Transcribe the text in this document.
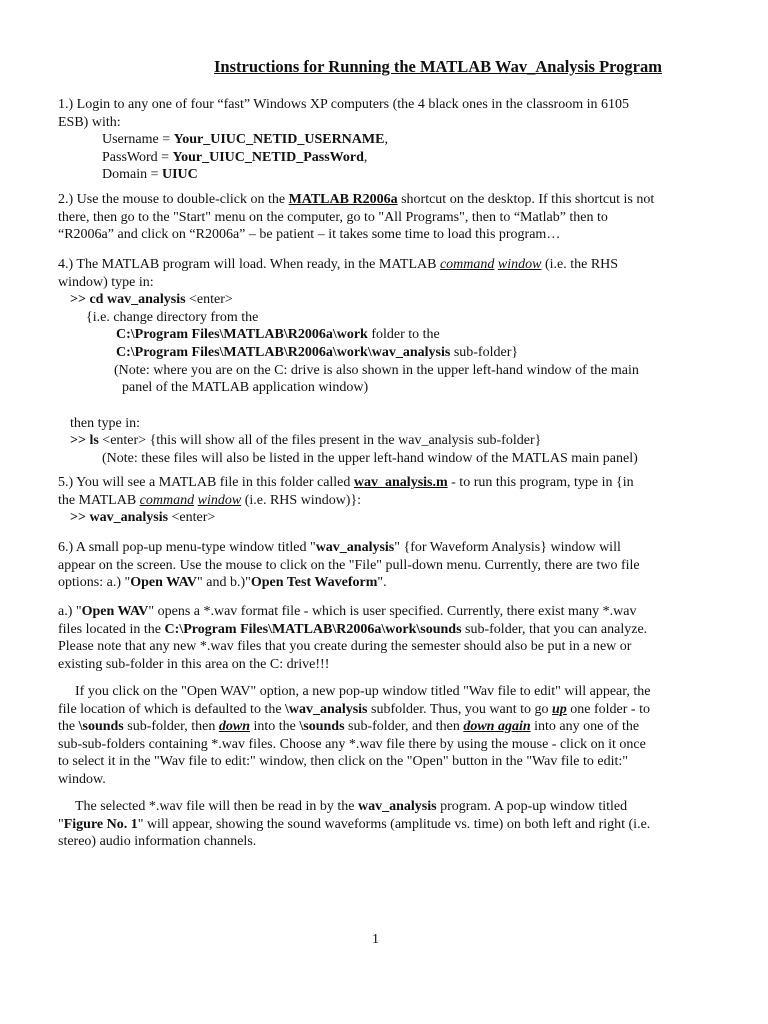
Instructions for Running the MATLAB Wav_Analysis Program
1.) Login to any one of four “fast” Windows XP computers (the 4 black ones in the classroom in 6105
ESB) with:
Username = Your_UIUC_NETID_USERNAME,
PassWord = Your_UIUC_NETID_PassWord,
Domain = UIUC
2.) Use the mouse to double-click on the MATLAB R2006a shortcut on the desktop. If this shortcut is not
there, then go to the "Start" menu on the computer, go to "All Programs", then to “Matlab” then to
“R2006a” and click on “R2006a” – be patient – it takes some time to load this program…
4.) The MATLAB program will load. When ready, in the MATLAB command window (i.e. the RHS
window) type in:
>> cd wav_analysis <enter>
{i.e. change directory from the
C:\Program Files\MATLAB\R2006a\work folder to the
C:\Program Files\MATLAB\R2006a\work\wav_analysis sub-folder}
(Note: where you are on the C: drive is also shown in the upper left-hand window of the main
panel of the MATLAB application window)
then type in:
>> ls <enter> {this will show all of the files present in the wav_analysis sub-folder}
(Note: these files will also be listed in the upper left-hand window of the MATLAS main panel)
5.) You will see a MATLAB file in this folder called wav_analysis.m - to run this program, type in {in
the MATLAB command window (i.e. RHS window)}:
>> wav_analysis <enter>
6.) A small pop-up menu-type window titled "wav_analysis" {for Waveform Analysis} window will
appear on the screen. Use the mouse to click on the "File" pull-down menu. Currently, there are two file
options: a.) "Open WAV" and b.)"Open Test Waveform".
a.) "Open WAV" opens a *.wav format file - which is user specified. Currently, there exist many *.wav
files located in the C:\Program Files\MATLAB\R2006a\work\sounds sub-folder, that you can analyze.
Please note that any new *.wav files that you create during the semester should also be put in a new or
existing sub-folder in this area on the C: drive!!!
If you click on the "Open WAV" option, a new pop-up window titled "Wav file to edit" will appear, the
file location of which is defaulted to the \wav_analysis subfolder. Thus, you want to go up one folder - to
the \sounds sub-folder, then down into the \sounds sub-folder, and then down again into any one of the
sub-sub-folders containing *.wav files. Choose any *.wav file there by using the mouse - click on it once
to select it in the "Wav file to edit:" window, then click on the "Open" button in the "Wav file to edit:"
window.
The selected *.wav file will then be read in by the wav_analysis program. A pop-up window titled
"Figure No. 1" will appear, showing the sound waveforms (amplitude vs. time) on both left and right (i.e.
stereo) audio information channels.
1
